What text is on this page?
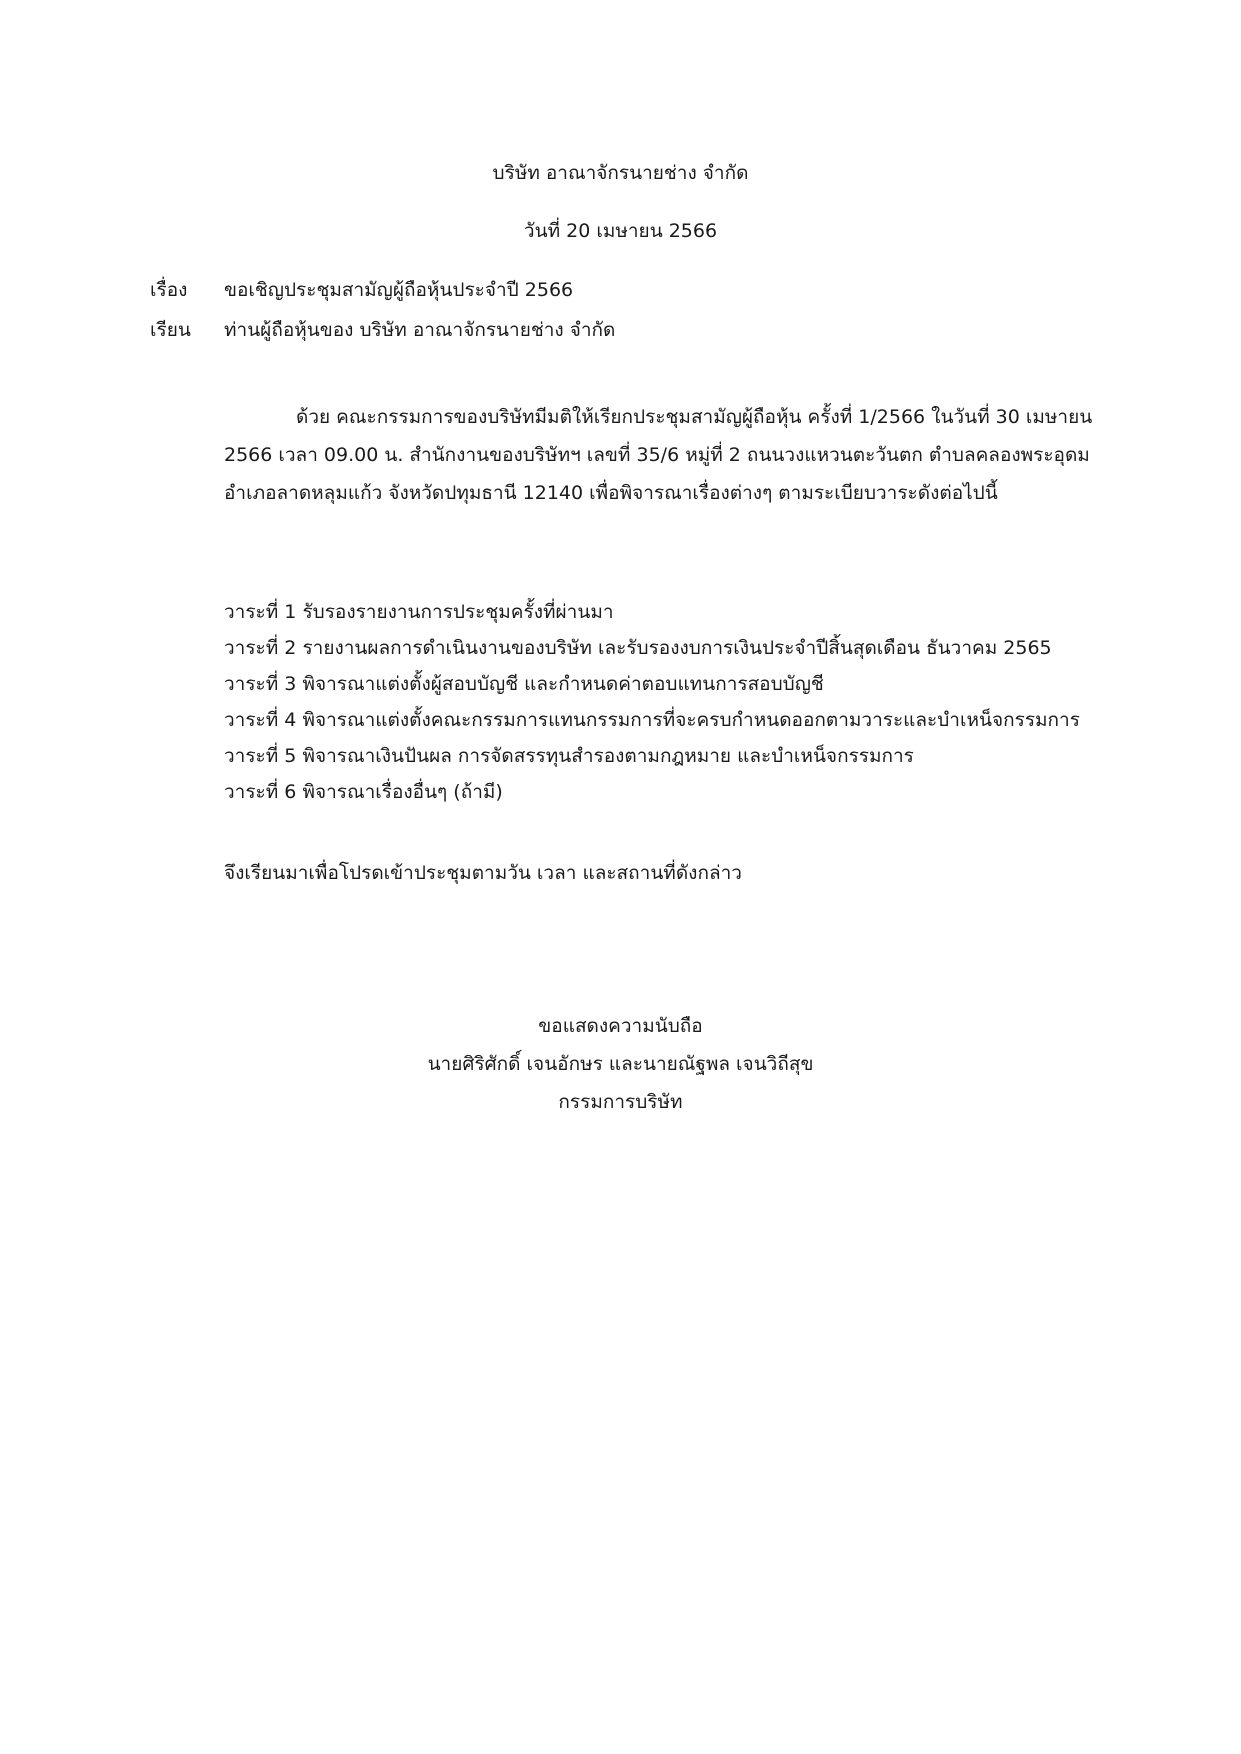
บริษัท อาณาจักรนายช่าง จำกัด
วันที่ 20 เมษายน 2566
เรื่อง ขอเชิญประชุมสามัญผู้ถือหุ้นประจำปี 2566
เรียน ท่านผู้ถือหุ้นของ บริษัท อาณาจักรนายช่าง จำกัด
ด้วย คณะกรรมการของบริษัทมีมติให้เรียกประชุมสามัญผู้ถือหุ้น ครั้งที่ 1/2566 ในวันที่ 30 เมษายน
2566 เวลา 09.00 น. สำนักงานของบริษัทฯ เลขที่ 35/6 หมู่ที่ 2 ถนนวงแหวนตะวันตก ตำบลคลองพระอุดม
อำเภอลาดหลุมแก้ว จังหวัดปทุมธานี 12140 เพื่อพิจารณาเรื่องต่างๆ ตามระเบียบวาระดังต่อไปนี้
วาระที่ 1 รับรองรายงานการประชุมครั้งที่ผ่านมา
วาระที่ 2 รายงานผลการดำเนินงานของบริษัท เละรับรองงบการเงินประจำปีสิ้นสุดเดือน ธันวาคม 2565
วาระที่ 3 พิจารณาแต่งตั้งผู้สอบบัญชี และกำหนดค่าตอบแทนการสอบบัญชี
วาระที่ 4 พิจารณาแต่งตั้งคณะกรรมการแทนกรรมการที่จะครบกำหนดออกตามวาระและบำเหน็จกรรมการ
วาระที่ 5 พิจารณาเงินปันผล การจัดสรรทุนสำรองตามกฎหมาย และบำเหน็จกรรมการ
วาระที่ 6 พิจารณาเรื่องอื่นๆ (ถ้ามี)
จึงเรียนมาเพื่อโปรดเข้าประชุมตามวัน เวลา และสถานที่ดังกล่าว
ขอแสดงความนับถือ
นายศิริศักดิ์ เจนอักษร และนายณัฐพล เจนวิถีสุข
กรรมการบริษัท
